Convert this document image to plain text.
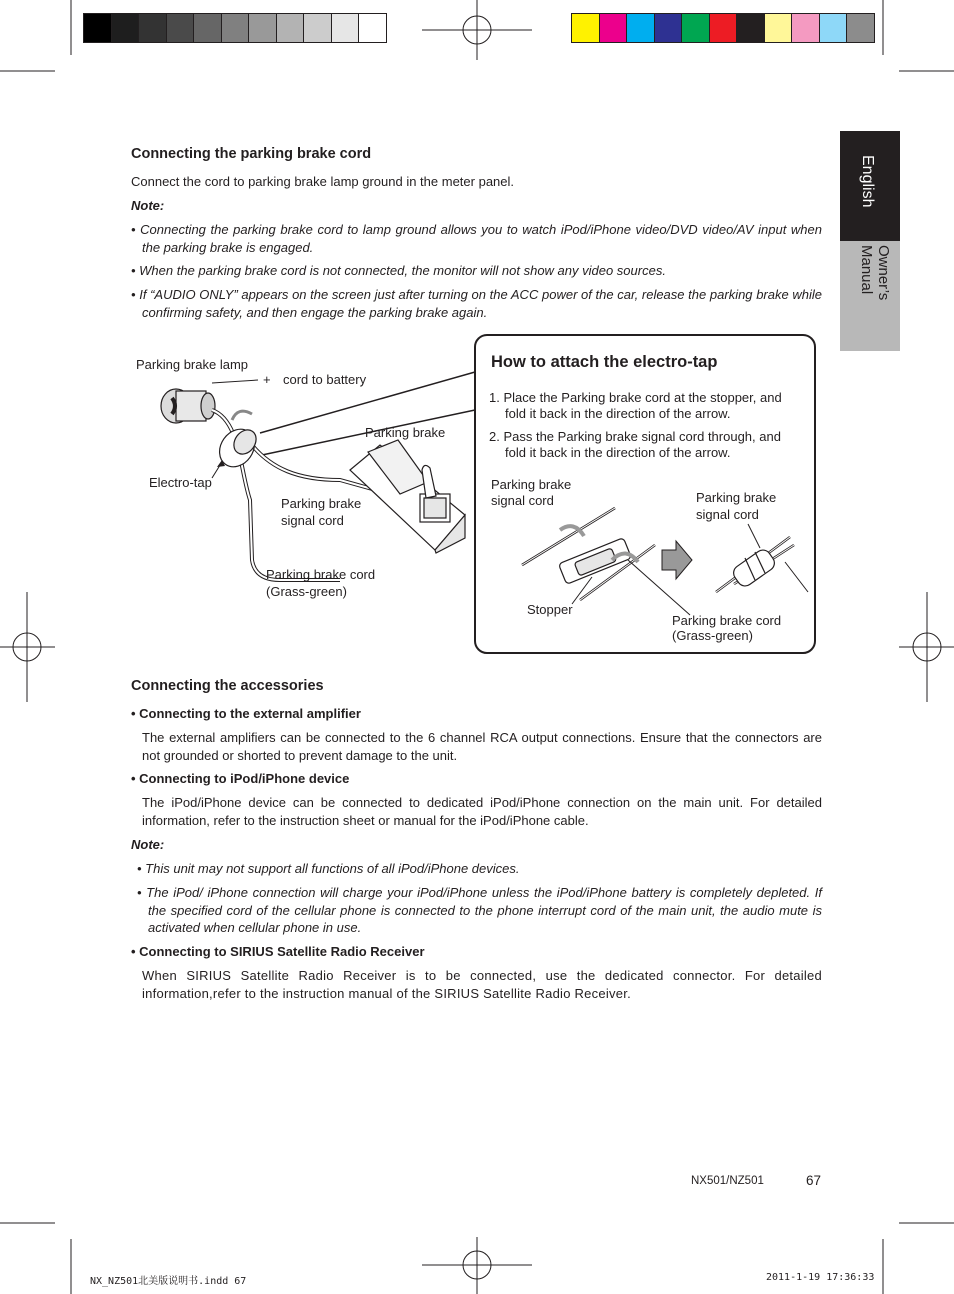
English
Owner’s Manual
Connecting the parking brake cord
Connect the cord to parking brake lamp ground in the meter panel.
Note:
• Connecting the parking brake cord to lamp ground allows you to watch iPod/iPhone video/DVD video/AV input when the parking brake is engaged.
• When the parking brake cord is not connected, the monitor will not show any video sources.
• If “AUDIO ONLY” appears on the screen just after turning on the ACC power of the car, release the parking brake while confirming safety, and then engage the parking brake again.
Parking brake lamp
+ cord to battery
Parking brake
Electro-tap
Parking brake
signal cord
Parking brake cord
(Grass-green)
How to attach the electro-tap
1. Place the Parking brake cord at the stopper, and
fold it back in the direction of the arrow.
2. Pass the Parking brake signal cord through, and
fold it back in the direction of the arrow.
Parking brake
signal cord	Parking brake
signal cord
Stopper
Parking brake cord
(Grass-green)
Connecting the accessories
• Connecting to the external amplifier
The external amplifiers can be connected to the 6 channel RCA output connections. Ensure that the connectors are not grounded or shorted to prevent damage to the unit.
• Connecting to iPod/iPhone device
The iPod/iPhone device can be connected to dedicated iPod/iPhone connection on the main unit. For detailed information, refer to the instruction sheet or manual for the iPod/iPhone cable.
Note:
• This unit may not support all functions of all iPod/iPhone devices.
• The iPod/ iPhone connection will charge your iPod/iPhone unless the iPod/iPhone battery is completely depleted. If the specified cord of the cellular phone is connected to the phone interrupt cord of the main unit, the audio mute is activated when cellular phone in use.
• Connecting to SIRIUS Satellite Radio Receiver
When SIRIUS Satellite Radio Receiver is to be connected, use the dedicated connector. For detailed information,refer to the instruction manual of the SIRIUS Satellite Radio Receiver.
NX501/NZ501	67
NX_NZ501北美版说明书.indd 67	2011-1-19 17:36:33
